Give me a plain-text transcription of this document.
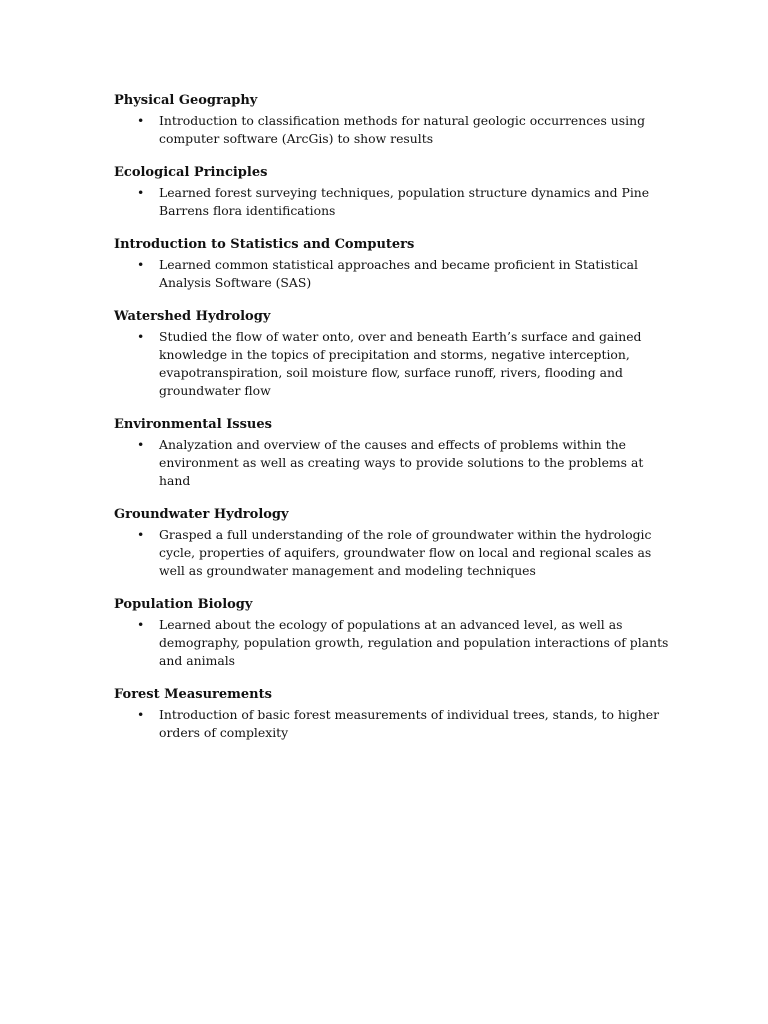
Physical Geography
• Introduction to classification methods for natural geologic occurrences using
computer software (ArcGis) to show results
Ecological Principles
• Learned forest surveying techniques, population structure dynamics and Pine
Barrens flora identifications
Introduction to Statistics and Computers
• Learned common statistical approaches and became proficient in Statistical
Analysis Software (SAS)
Watershed Hydrology
• Studied the flow of water onto, over and beneath Earth’s surface and gained
knowledge in the topics of precipitation and storms, negative interception,
evapotranspiration, soil moisture flow, surface runoff, rivers, flooding and
groundwater flow
Environmental Issues
• Analyzation and overview of the causes and effects of problems within the
environment as well as creating ways to provide solutions to the problems at hand
Groundwater Hydrology
• Grasped a full understanding of the role of groundwater within the hydrologic
cycle, properties of aquifers, groundwater flow on local and regional scales as
well as groundwater management and modeling techniques
Population Biology
• Learned about the ecology of populations at an advanced level, as well as
demography, population growth, regulation and population interactions of plants
and animals
Forest Measurements
• Introduction of basic forest measurements of individual trees, stands, to higher
orders of complexity
